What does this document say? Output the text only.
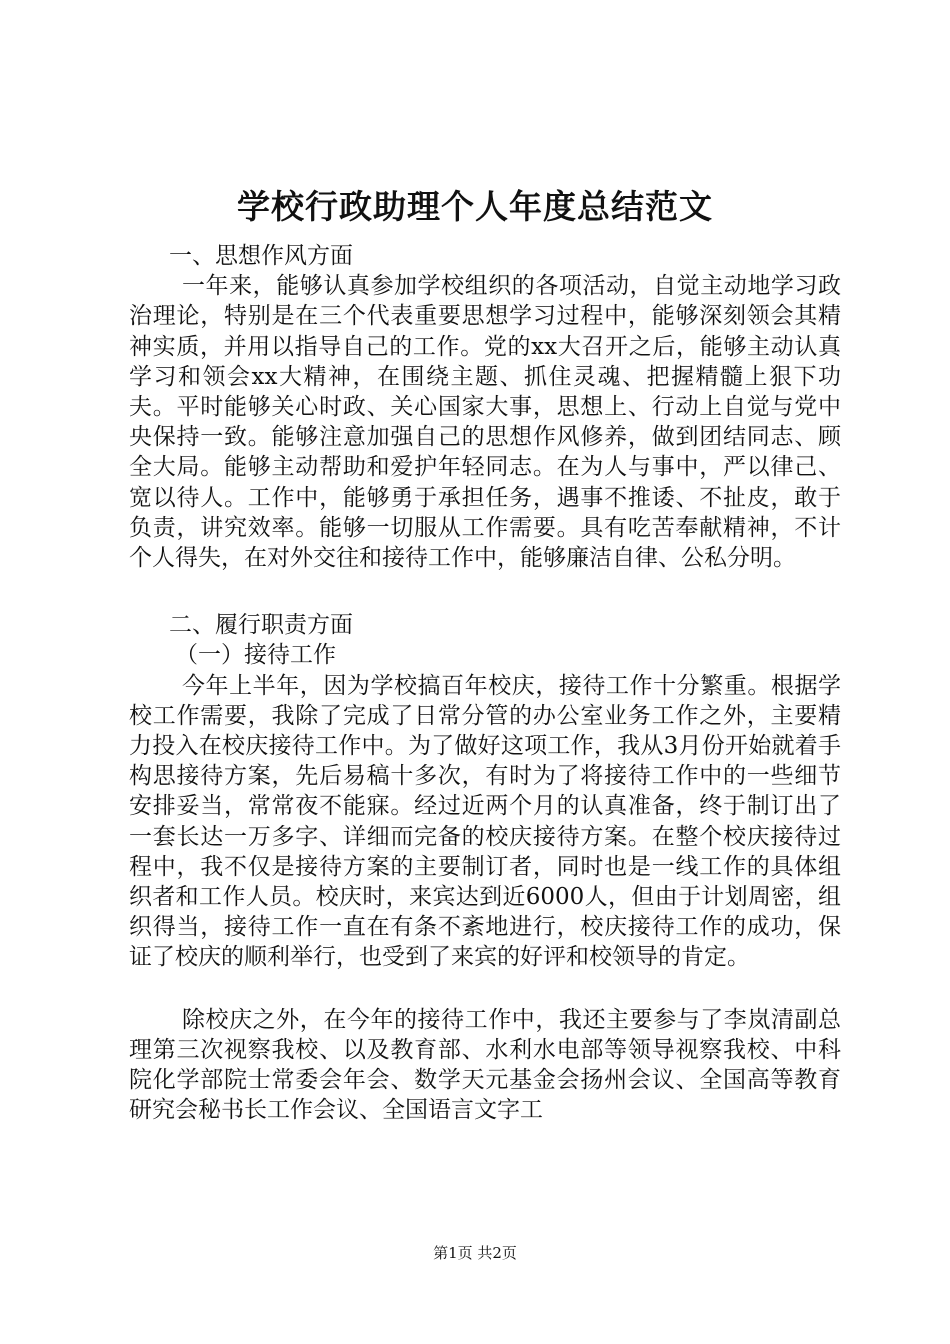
学校行政助理个人年度总结范文

一、思想作风方面

一年来，能够认真参加学校组织的各项活动，自觉主动地学习政治理论，特别是在三个代表重要思想学习过程中，能够深刻领会其精神实质，并用以指导自己的工作。党的xx大召开之后，能够主动认真学习和领会xx大精神，在围绕主题、抓住灵魂、把握精髓上狠下功夫。平时能够关心时政、关心国家大事，思想上、行动上自觉与党中央保持一致。能够注意加强自己的思想作风修养，做到团结同志、顾全大局。能够主动帮助和爱护年轻同志。在为人与事中，严以律己、宽以待人。工作中，能够勇于承担任务，遇事不推诿、不扯皮，敢于负责，讲究效率。能够一切服从工作需要。具有吃苦奉献精神，不计个人得失，在对外交往和接待工作中，能够廉洁自律、公私分明。

二、履行职责方面

（一）接待工作

今年上半年，因为学校搞百年校庆，接待工作十分繁重。根据学校工作需要，我除了完成了日常分管的办公室业务工作之外，主要精力投入在校庆接待工作中。为了做好这项工作，我从3月份开始就着手构思接待方案，先后易稿十多次，有时为了将接待工作中的一些细节安排妥当，常常夜不能寐。经过近两个月的认真准备，终于制订出了一套长达一万多字、详细而完备的校庆接待方案。在整个校庆接待过程中，我不仅是接待方案的主要制订者，同时也是一线工作的具体组织者和工作人员。校庆时，来宾达到近6000人，但由于计划周密，组织得当，接待工作一直在有条不紊地进行，校庆接待工作的成功，保证了校庆的顺利举行，也受到了来宾的好评和校领导的肯定。

除校庆之外，在今年的接待工作中，我还主要参与了李岚清副总理第三次视察我校、以及教育部、水利水电部等领导视察我校、中科院化学部院士常委会年会、数学天元基金会扬州会议、全国高等教育研究会秘书长工作会议、全国语言文字工

第1页 共2页
